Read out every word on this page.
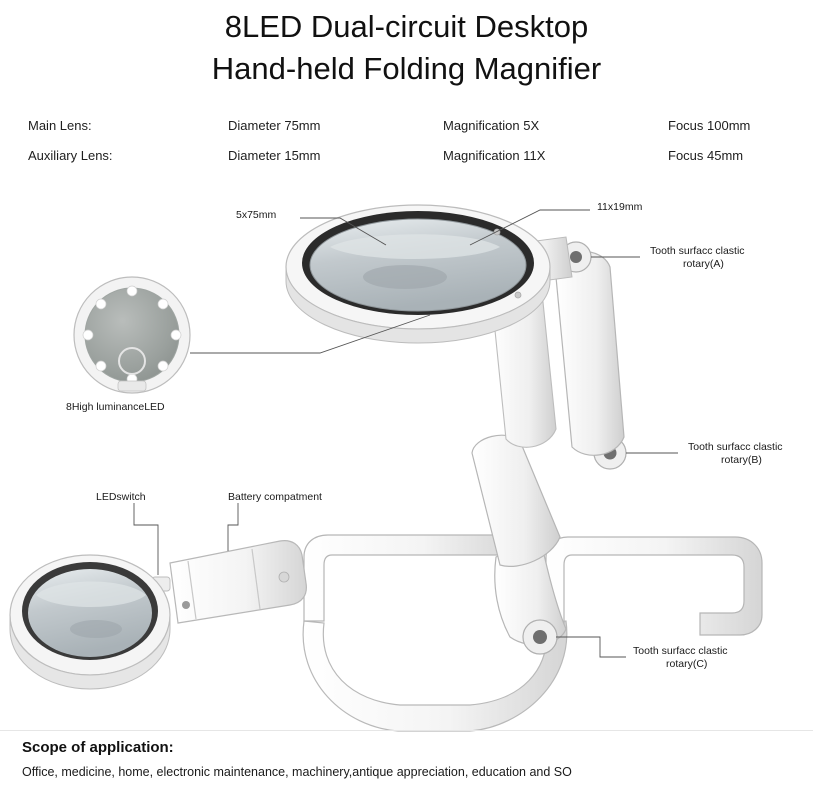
8LED Dual-circuit Desktop
Hand-held Folding Magnifier
Main Lens:	Diameter 75mm	Magnification 5X	Focus 100mm
Auxiliary Lens:	Diameter 15mm	Magnification 11X	Focus 45mm
5x75mm
11x19mm
Tooth surfacc clastic
rotary(A)
Tooth surfacc clastic
rotary(B)
Tooth surfacc clastic
rotary(C)
8High luminanceLED
LEDswitch	Battery compatment
Scope of application:
Office, medicine, home, electronic maintenance, machinery,antique appreciation, education and SO
